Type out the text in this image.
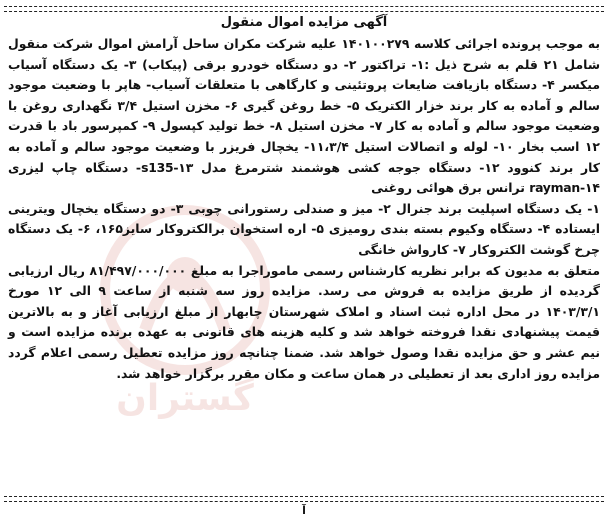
گستران
آگهی مزایده اموال منقول

به موجب پرونده اجرائی کلاسه ۱۴۰۱۰۰۲۷۹ علیه شرکت مکران ساحل آرامش اموال شرکت منقول شامل ۲۱ قلم به شرح ذیل :۱- تراکتور ۲- دو دستگاه خودرو برقی (پیکاب) ۳- یک دستگاه آسیاب میکسر ۴- دستگاه بازیافت ضایعات پروتئینی و کارگاهی با متعلقات آسیاب- هاپر با وضعیت موجود سالم و آماده به کار برند خزار الکتریک ۵- خط روغن گیری ۶- مخزن استیل ۳/۴ نگهداری روغن با وضعیت موجود سالم و آماده به کار ۷- مخزن استیل ۸- خط تولید کپسول ۹- کمپرسور باد با قدرت ۱۲ اسب بخار ۱۰- لوله و اتصالات استیل ۱۱،۳/۴- یخچال فریزر با وضعیت موجود سالم و آماده به کار برند کنوود ۱۲- دستگاه جوجه کشی هوشمند شترمرغ مدل s135-۱۳- دستگاه چاپ لیزری rayman-۱۴ ترانس برق هوائی روغنی

۱- یک دستگاه اسپلیت برند جنرال ۲- میز و صندلی رستورانی چوبی ۳- دو دستگاه یخچال ویترینی ایستاده ۴- دستگاه وکیوم بسته بندی رومیزی ۵- اره استخوان برالکتروکار سایز۱۶۵، ۶- یک دستگاه چرخ گوشت الکتروکار ۷- کارواش خانگی

متعلق به مدیون که برابر نظریه کارشناس رسمی ماموراجرا به مبلغ ۸۱/۴۹۷/۰۰۰/۰۰۰ ریال ارزیابی گردیده از طریق مزایده به فروش می رسد. مزایده روز سه شنبه از ساعت ۹ الی ۱۲ مورخ ۱۴۰۳/۳/۱ در محل اداره ثبت اسناد و املاک شهرستان چابهار از مبلغ ارزیابی آغاز و به بالاترین قیمت پیشنهادی نقدا فروخته خواهد شد و کلیه هزینه های قانونی به عهده برنده مزایده است و نیم عشر و حق مزایده نقدا وصول خواهد شد. ضمنا چنانچه روز مزایده تعطیل رسمی اعلام گردد مزایده روز اداری بعد از تعطیلی در همان ساعت و مکان مقرر برگزار خواهد شد.

آ
